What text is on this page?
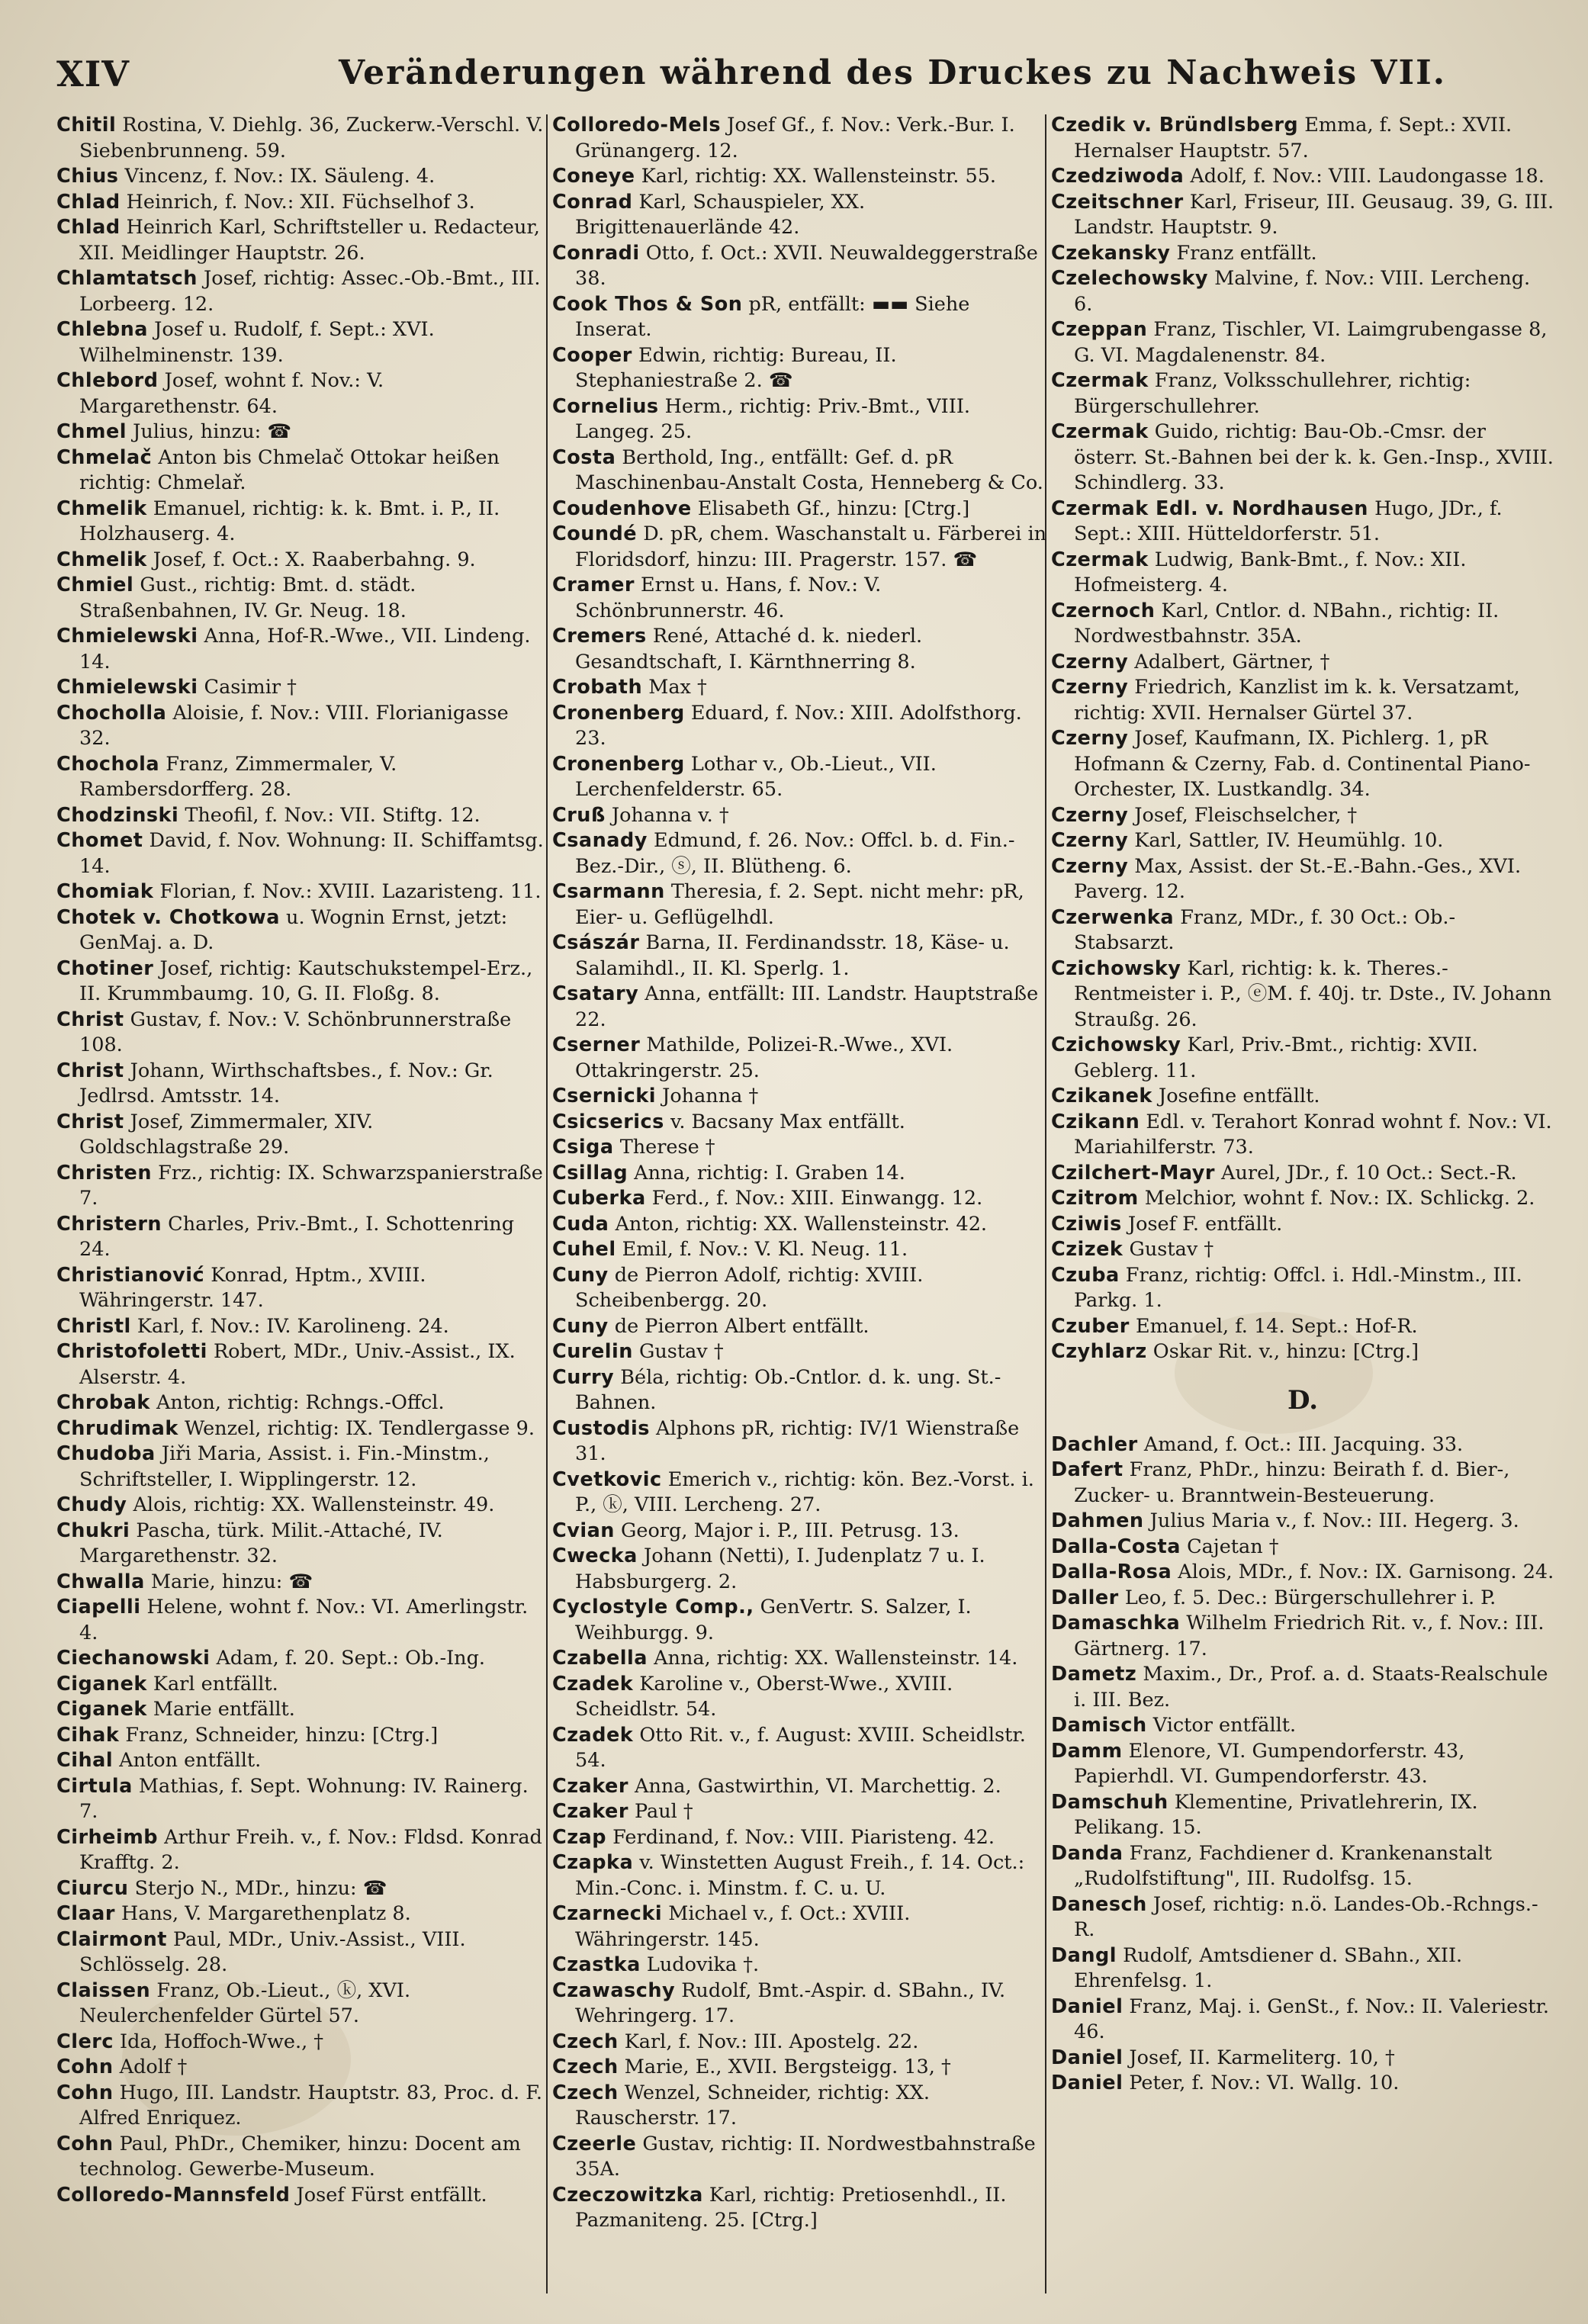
XIV	Veränderungen während des Druckes zu Nachweis VII.

Chitil Rostina, V. Diehlg. 36, Zuckerw.-Verschl. V. Siebenbrunneng. 59.

Chius Vincenz, f. Nov.: IX. Säuleng. 4.

Chlad Heinrich, f. Nov.: XII. Füchselhof 3.

Chlad Heinrich Karl, Schriftsteller u. Redacteur, XII. Meidlinger Hauptstr. 26.

Chlamtatsch Josef, richtig: Assec.-Ob.-Bmt., III. Lorbeerg. 12.

Chlebna Josef u. Rudolf, f. Sept.: XVI. Wilhelminenstr. 139.

Chlebord Josef, wohnt f. Nov.: V. Margarethenstr. 64.

Chmel Julius, hinzu: ☎

Chmelač Anton bis Chmelač Ottokar heißen richtig: Chmelař.

Chmelik Emanuel, richtig: k. k. Bmt. i. P., II. Holzhauserg. 4.

Chmelik Josef, f. Oct.: X. Raaberbahng. 9.

Chmiel Gust., richtig: Bmt. d. städt. Straßenbahnen, IV. Gr. Neug. 18.

Chmielewski Anna, Hof-R.-Wwe., VII. Lindeng. 14.

Chmielewski Casimir †

Chocholla Aloisie, f. Nov.: VIII. Florianigasse 32.

Chochola Franz, Zimmermaler, V. Rambersdorfferg. 28.

Chodzinski Theofil, f. Nov.: VII. Stiftg. 12.

Chomet David, f. Nov. Wohnung: II. Schiffamtsg. 14.

Chomiak Florian, f. Nov.: XVIII. Lazaristeng. 11.

Chotek v. Chotkowa u. Wognin Ernst, jetzt: GenMaj. a. D.

Chotiner Josef, richtig: Kautschukstempel-Erz., II. Krummbaumg. 10, G. II. Floßg. 8.

Christ Gustav, f. Nov.: V. Schönbrunnerstraße 108.

Christ Johann, Wirthschaftsbes., f. Nov.: Gr. Jedlrsd. Amtsstr. 14.

Christ Josef, Zimmermaler, XIV. Goldschlagstraße 29.

Christen Frz., richtig: IX. Schwarzspanierstraße 7.

Christern Charles, Priv.-Bmt., I. Schottenring 24.

Christianović Konrad, Hptm., XVIII. Währingerstr. 147.

Christl Karl, f. Nov.: IV. Karolineng. 24.

Christofoletti Robert, MDr., Univ.-Assist., IX. Alserstr. 4.

Chrobak Anton, richtig: Rchngs.-Offcl.

Chrudimak Wenzel, richtig: IX. Tendlergasse 9.

Chudoba Jiři Maria, Assist. i. Fin.-Minstm., Schriftsteller, I. Wipplingerstr. 12.

Chudy Alois, richtig: XX. Wallensteinstr. 49.

Chukri Pascha, türk. Milit.-Attaché, IV. Margarethenstr. 32.

Chwalla Marie, hinzu: ☎

Ciapelli Helene, wohnt f. Nov.: VI. Amerlingstr. 4.

Ciechanowski Adam, f. 20. Sept.: Ob.-Ing.

Ciganek Karl entfällt.

Ciganek Marie entfällt.

Cihak Franz, Schneider, hinzu: [Ctrg.]

Cihal Anton entfällt.

Cirtula Mathias, f. Sept. Wohnung: IV. Rainerg. 7.

Cirheimb Arthur Freih. v., f. Nov.: Fldsd. Konrad Krafftg. 2.

Ciurcu Sterjo N., MDr., hinzu: ☎

Claar Hans, V. Margarethenplatz 8.

Clairmont Paul, MDr., Univ.-Assist., VIII. Schlösselg. 28.

Claissen Franz, Ob.-Lieut., ⓚ, XVI. Neulerchenfelder Gürtel 57.

Clerc Ida, Hoffoch-Wwe., †

Cohn Adolf †

Cohn Hugo, III. Landstr. Hauptstr. 83, Proc. d. F. Alfred Enriquez.

Cohn Paul, PhDr., Chemiker, hinzu: Docent am technolog. Gewerbe-Museum.

Colloredo-Mannsfeld Josef Fürst entfällt.

Colloredo-Mels Josef Gf., f. Nov.: Verk.-Bur. I. Grünangerg. 12.

Coneye Karl, richtig: XX. Wallensteinstr. 55.

Conrad Karl, Schauspieler, XX. Brigittenauerlände 42.

Conradi Otto, f. Oct.: XVII. Neuwaldeggerstraße 38.

Cook Thos & Son pR, entfällt: ▬▬ Siehe Inserat.

Cooper Edwin, richtig: Bureau, II. Stephaniestraße 2. ☎

Cornelius Herm., richtig: Priv.-Bmt., VIII. Langeg. 25.

Costa Berthold, Ing., entfällt: Gef. d. pR Maschinenbau-Anstalt Costa, Henneberg & Co.

Coudenhove Elisabeth Gf., hinzu: [Ctrg.]

Coundé D. pR, chem. Waschanstalt u. Färberei in Floridsdorf, hinzu: III. Pragerstr. 157. ☎

Cramer Ernst u. Hans, f. Nov.: V. Schönbrunnerstr. 46.

Cremers René, Attaché d. k. niederl. Gesandtschaft, I. Kärnthnerring 8.

Crobath Max †

Cronenberg Eduard, f. Nov.: XIII. Adolfsthorg. 23.

Cronenberg Lothar v., Ob.-Lieut., VII. Lerchenfelderstr. 65.

Cruß Johanna v. †

Csanady Edmund, f. 26. Nov.: Offcl. b. d. Fin.-Bez.-Dir., ⓢ, II. Blütheng. 6.

Csarmann Theresia, f. 2. Sept. nicht mehr: pR, Eier- u. Geflügelhdl.

Császár Barna, II. Ferdinandsstr. 18, Käse- u. Salamihdl., II. Kl. Sperlg. 1.

Csatary Anna, entfällt: III. Landstr. Hauptstraße 22.

Cserner Mathilde, Polizei-R.-Wwe., XVI. Ottakringerstr. 25.

Csernicki Johanna †

Csicserics v. Bacsany Max entfällt.

Csiga Therese †

Csillag Anna, richtig: I. Graben 14.

Cuberka Ferd., f. Nov.: XIII. Einwangg. 12.

Cuda Anton, richtig: XX. Wallensteinstr. 42.

Cuhel Emil, f. Nov.: V. Kl. Neug. 11.

Cuny de Pierron Adolf, richtig: XVIII. Scheibenbergg. 20.

Cuny de Pierron Albert entfällt.

Curelin Gustav †

Curry Béla, richtig: Ob.-Cntlor. d. k. ung. St.-Bahnen.

Custodis Alphons pR, richtig: IV/1 Wienstraße 31.

Cvetkovic Emerich v., richtig: kön. Bez.-Vorst. i. P., ⓚ, VIII. Lercheng. 27.

Cvian Georg, Major i. P., III. Petrusg. 13.

Cwecka Johann (Netti), I. Judenplatz 7 u. I. Habsburgerg. 2.

Cyclostyle Comp., GenVertr. S. Salzer, I. Weihburgg. 9.

Czabella Anna, richtig: XX. Wallensteinstr. 14.

Czadek Karoline v., Oberst-Wwe., XVIII. Scheidlstr. 54.

Czadek Otto Rit. v., f. August: XVIII. Scheidlstr. 54.

Czaker Anna, Gastwirthin, VI. Marchettig. 2.

Czaker Paul †

Czap Ferdinand, f. Nov.: VIII. Piaristeng. 42.

Czapka v. Winstetten August Freih., f. 14. Oct.: Min.-Conc. i. Minstm. f. C. u. U.

Czarnecki Michael v., f. Oct.: XVIII. Währingerstr. 145.

Czastka Ludovika †.

Czawaschy Rudolf, Bmt.-Aspir. d. SBahn., IV. Wehringerg. 17.

Czech Karl, f. Nov.: III. Apostelg. 22.

Czech Marie, E., XVII. Bergsteigg. 13, †

Czech Wenzel, Schneider, richtig: XX. Rauscherstr. 17.

Czeerle Gustav, richtig: II. Nordwestbahnstraße 35A.

Czeczowitzka Karl, richtig: Pretiosenhdl., II. Pazmaniteng. 25. [Ctrg.]

Czedik v. Bründlsberg Emma, f. Sept.: XVII. Hernalser Hauptstr. 57.

Czedziwoda Adolf, f. Nov.: VIII. Laudongasse 18.

Czeitschner Karl, Friseur, III. Geusaug. 39, G. III. Landstr. Hauptstr. 9.

Czekansky Franz entfällt.

Czelechowsky Malvine, f. Nov.: VIII. Lercheng. 6.

Czeppan Franz, Tischler, VI. Laimgrubengasse 8, G. VI. Magdalenenstr. 84.

Czermak Franz, Volksschullehrer, richtig: Bürgerschullehrer.

Czermak Guido, richtig: Bau-Ob.-Cmsr. der österr. St.-Bahnen bei der k. k. Gen.-Insp., XVIII. Schindlerg. 33.

Czermak Edl. v. Nordhausen Hugo, JDr., f. Sept.: XIII. Hütteldorferstr. 51.

Czermak Ludwig, Bank-Bmt., f. Nov.: XII. Hofmeisterg. 4.

Czernoch Karl, Cntlor. d. NBahn., richtig: II. Nordwestbahnstr. 35A.

Czerny Adalbert, Gärtner, †

Czerny Friedrich, Kanzlist im k. k. Versatzamt, richtig: XVII. Hernalser Gürtel 37.

Czerny Josef, Kaufmann, IX. Pichlerg. 1, pR Hofmann & Czerny, Fab. d. Continental Piano-Orchester, IX. Lustkandlg. 34.

Czerny Josef, Fleischselcher, †

Czerny Karl, Sattler, IV. Heumühlg. 10.

Czerny Max, Assist. der St.-E.-Bahn.-Ges., XVI. Paverg. 12.

Czerwenka Franz, MDr., f. 30 Oct.: Ob.-Stabsarzt.

Czichowsky Karl, richtig: k. k. Theres.-Rentmeister i. P., ⓔM. f. 40j. tr. Dste., IV. Johann Straußg. 26.

Czichowsky Karl, Priv.-Bmt., richtig: XVII. Geblerg. 11.

Czikanek Josefine entfällt.

Czikann Edl. v. Terahort Konrad wohnt f. Nov.: VI. Mariahilferstr. 73.

Czilchert-Mayr Aurel, JDr., f. 10 Oct.: Sect.-R.

Czitrom Melchior, wohnt f. Nov.: IX. Schlickg. 2.

Cziwis Josef F. entfällt.

Czizek Gustav †

Czuba Franz, richtig: Offcl. i. Hdl.-Minstm., III. Parkg. 1.

Czuber Emanuel, f. 14. Sept.: Hof-R.

Czyhlarz Oskar Rit. v., hinzu: [Ctrg.]

D.

Dachler Amand, f. Oct.: III. Jacquing. 33.

Dafert Franz, PhDr., hinzu: Beirath f. d. Bier-, Zucker- u. Branntwein-Besteuerung.

Dahmen Julius Maria v., f. Nov.: III. Hegerg. 3.

Dalla-Costa Cajetan †

Dalla-Rosa Alois, MDr., f. Nov.: IX. Garnisong. 24.

Daller Leo, f. 5. Dec.: Bürgerschullehrer i. P.

Damaschka Wilhelm Friedrich Rit. v., f. Nov.: III. Gärtnerg. 17.

Dametz Maxim., Dr., Prof. a. d. Staats-Realschule i. III. Bez.

Damisch Victor entfällt.

Damm Elenore, VI. Gumpendorferstr. 43, Papierhdl. VI. Gumpendorferstr. 43.

Damschuh Klementine, Privatlehrerin, IX. Pelikang. 15.

Danda Franz, Fachdiener d. Krankenanstalt „Rudolfstiftung", III. Rudolfsg. 15.

Danesch Josef, richtig: n.ö. Landes-Ob.-Rchngs.-R.

Dangl Rudolf, Amtsdiener d. SBahn., XII. Ehrenfelsg. 1.

Daniel Franz, Maj. i. GenSt., f. Nov.: II. Valeriestr. 46.

Daniel Josef, II. Karmeliterg. 10, †

Daniel Peter, f. Nov.: VI. Wallg. 10.
